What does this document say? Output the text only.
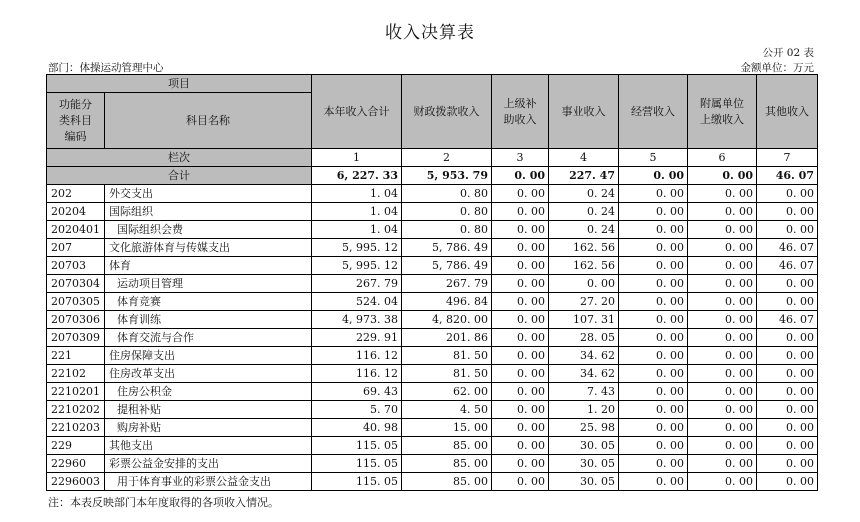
收入决算表
公开 02 表
部门：体操运动管理中心	金额单位：万元
项目		本年收入合计	财政拨款收入	上级补助收入	事业收入	经营收入	附属单位上缴收入	其他收入
功能分类科目编码	科目名称							
栏次		1	2	3	4	5	6	7
合计		6, 227. 33	5, 953. 79	0. 00	227. 47	0. 00	0. 00	46. 07
202	外交支出	1. 04	0. 80	0. 00	0. 24	0. 00	0. 00	0. 00
20204	国际组织	1. 04	0. 80	0. 00	0. 24	0. 00	0. 00	0. 00
2020401	国际组织会费	1. 04	0. 80	0. 00	0. 24	0. 00	0. 00	0. 00
207	文化旅游体育与传媒支出	5, 995. 12	5, 786. 49	0. 00	162. 56	0. 00	0. 00	46. 07
20703	体育	5, 995. 12	5, 786. 49	0. 00	162. 56	0. 00	0. 00	46. 07
2070304	运动项目管理	267. 79	267. 79	0. 00	0. 00	0. 00	0. 00	0. 00
2070305	体育竞赛	524. 04	496. 84	0. 00	27. 20	0. 00	0. 00	0. 00
2070306	体育训练	4, 973. 38	4, 820. 00	0. 00	107. 31	0. 00	0. 00	46. 07
2070309	体育交流与合作	229. 91	201. 86	0. 00	28. 05	0. 00	0. 00	0. 00
221	住房保障支出	116. 12	81. 50	0. 00	34. 62	0. 00	0. 00	0. 00
22102	住房改革支出	116. 12	81. 50	0. 00	34. 62	0. 00	0. 00	0. 00
2210201	住房公积金	69. 43	62. 00	0. 00	7. 43	0. 00	0. 00	0. 00
2210202	提租补贴	5. 70	4. 50	0. 00	1. 20	0. 00	0. 00	0. 00
2210203	购房补贴	40. 98	15. 00	0. 00	25. 98	0. 00	0. 00	0. 00
229	其他支出	115. 05	85. 00	0. 00	30. 05	0. 00	0. 00	0. 00
22960	彩票公益金安排的支出	115. 05	85. 00	0. 00	30. 05	0. 00	0. 00	0. 00
2296003	用于体育事业的彩票公益金支出	115. 05	85. 00	0. 00	30. 05	0. 00	0. 00	0. 00
注：本表反映部门本年度取得的各项收入情况。
